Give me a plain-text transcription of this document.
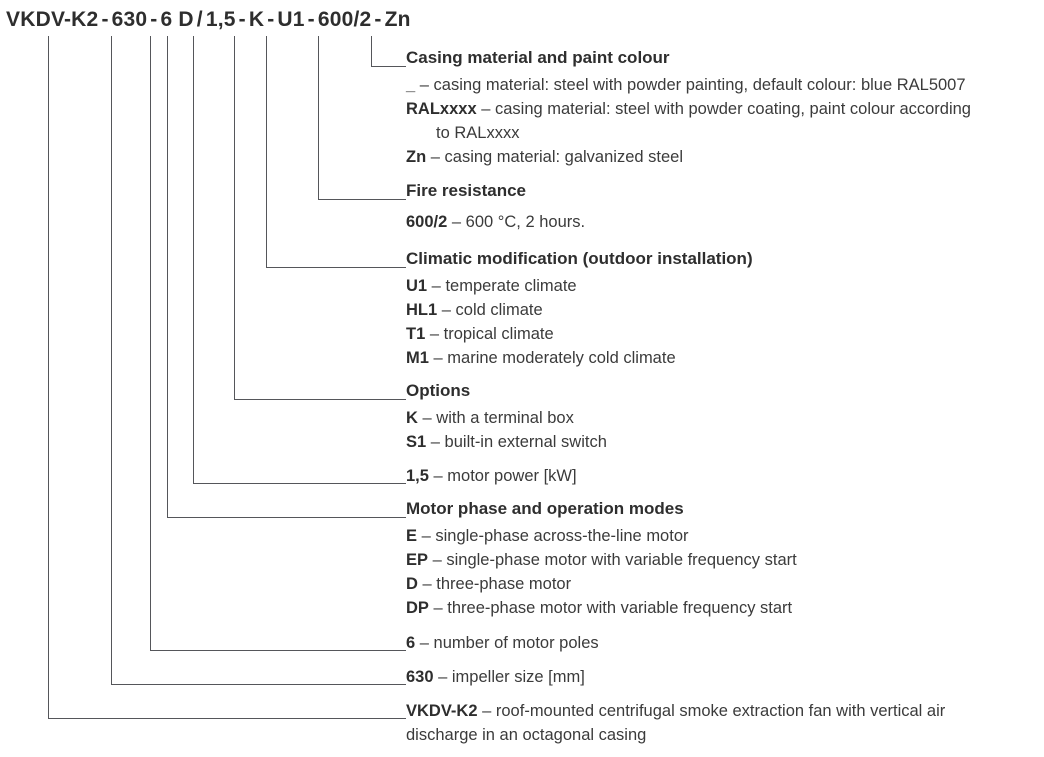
VKDV-K2-630-6 D/1,5-K-U1-600/2-Zn
Casing material and paint colour
_ – casing material: steel with powder painting, default colour: blue RAL5007
RALxxxx – casing material: steel with powder coating, paint colour according
to RALxxxx
Zn – casing material: galvanized steel
Fire resistance
600/2 – 600 °C, 2 hours.
Climatic modification (outdoor installation)
U1 – temperate climate
HL1 – cold climate
T1 – tropical climate
M1 – marine moderately cold climate
Options
K – with a terminal box
S1 – built-in external switch
1,5 – motor power [kW]
Motor phase and operation modes
E – single-phase across-the-line motor
EP – single-phase motor with variable frequency start
D – three-phase motor
DP – three-phase motor with variable frequency start
6 – number of motor poles
630 – impeller size [mm]
VKDV-K2 – roof-mounted centrifugal smoke extraction fan with vertical air
discharge in an octagonal casing
